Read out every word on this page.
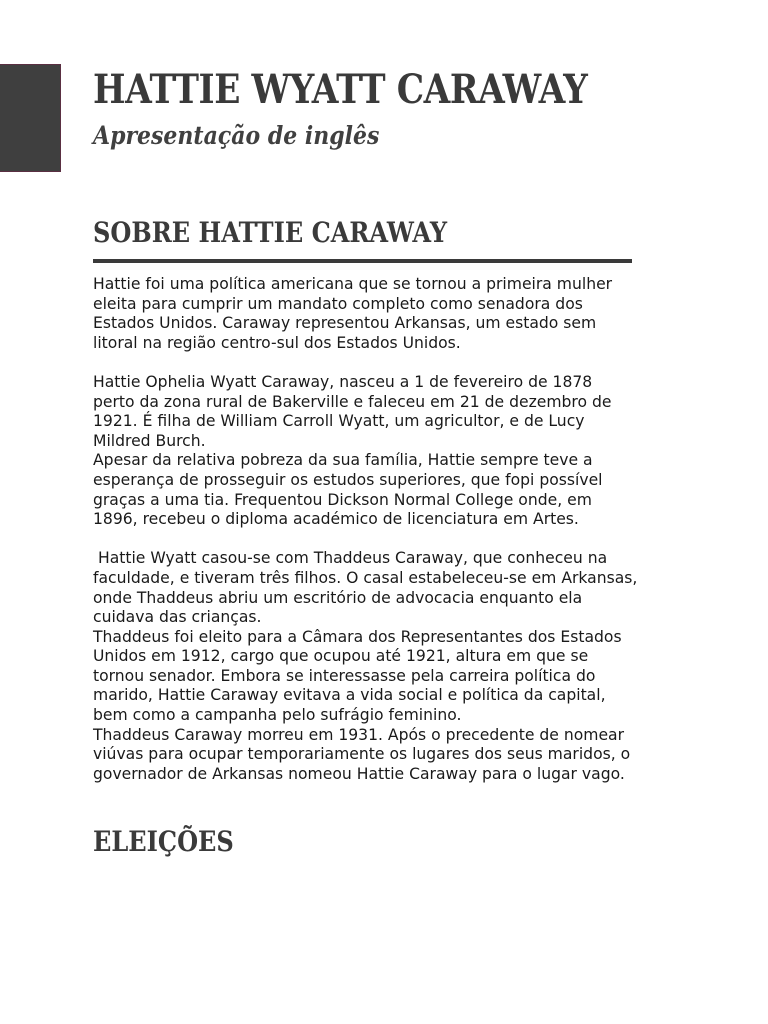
HATTIE WYATT CARAWAY
Apresentação de inglês
SOBRE HATTIE CARAWAY

Hattie foi uma política americana que se tornou a primeira mulher eleita para cumprir um mandato completo como senadora dos Estados Unidos. Caraway representou Arkansas, um estado sem litoral na região centro-sul dos Estados Unidos.

Hattie Ophelia Wyatt Caraway, nasceu a 1 de fevereiro de 1878 perto da zona rural de Bakerville e faleceu em 21 de dezembro de 1921. É filha de William Carroll Wyatt, um agricultor, e de Lucy Mildred Burch.

Apesar da relativa pobreza da sua família, Hattie sempre teve a esperança de prosseguir os estudos superiores, que fopi possível graças a uma tia. Frequentou Dickson Normal College onde, em 1896, recebeu o diploma académico de licenciatura em Artes.

Hattie Wyatt casou-se com Thaddeus Caraway, que conheceu na faculdade, e tiveram três filhos. O casal estabeleceu-se em Arkansas, onde Thaddeus abriu um escritório de advocacia enquanto ela cuidava das crianças.

Thaddeus foi eleito para a Câmara dos Representantes dos Estados Unidos em 1912, cargo que ocupou até 1921, altura em que se tornou senador. Embora se interessasse pela carreira política do marido, Hattie Caraway evitava a vida social e política da capital, bem como a campanha pelo sufrágio feminino.

Thaddeus Caraway morreu em 1931. Após o precedente de nomear viúvas para ocupar temporariamente os lugares dos seus maridos, o governador de Arkansas nomeou Hattie Caraway para o lugar vago.

ELEIÇÕES
